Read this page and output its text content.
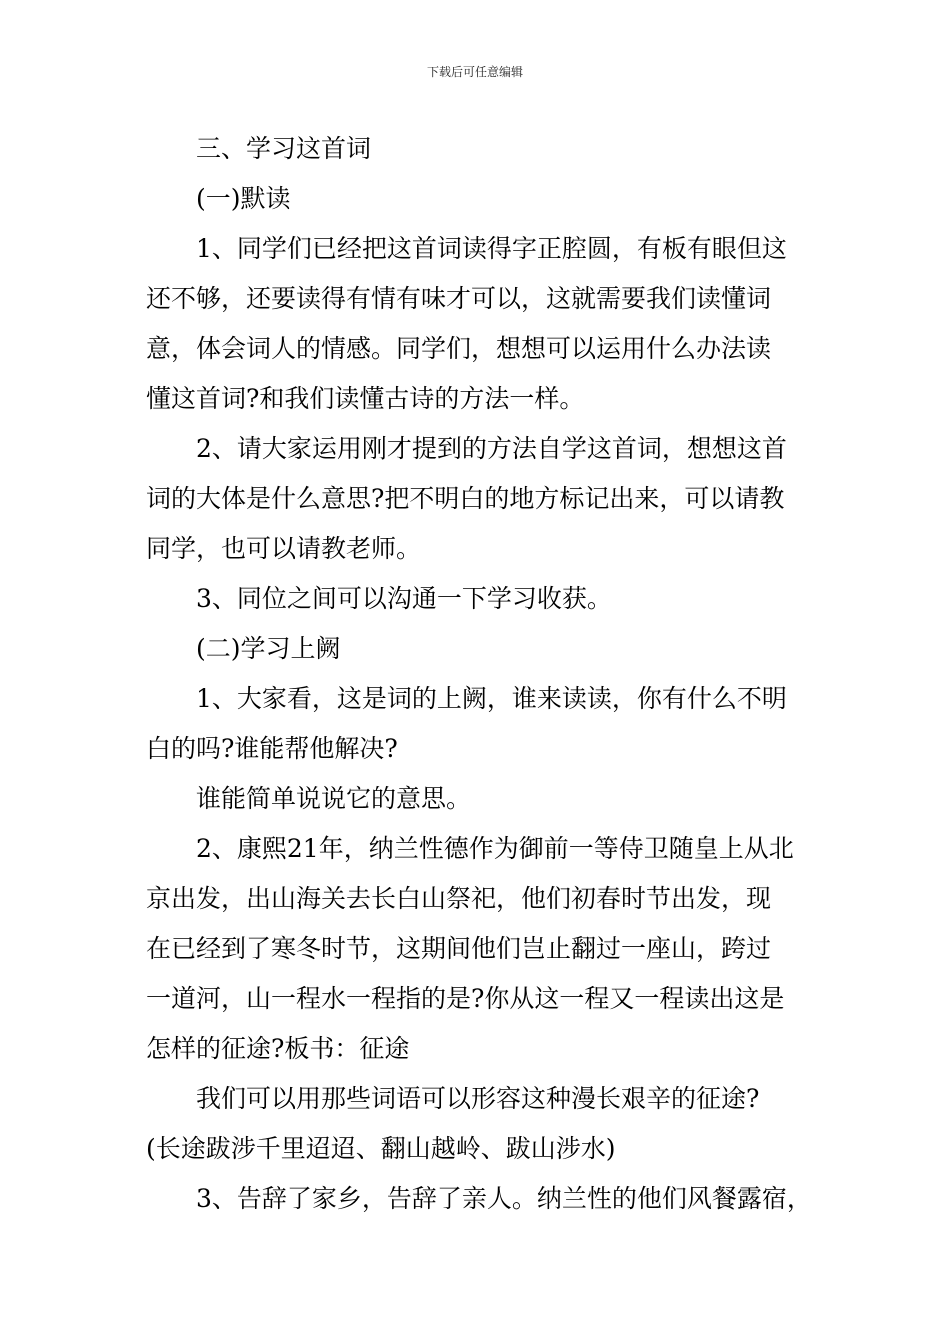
下载后可任意编辑
三、学习这首词
(一)默读
1、同学们已经把这首词读得字正腔圆，有板有眼但这
还不够，还要读得有情有味才可以，这就需要我们读懂词
意，体会词人的情感。同学们，想想可以运用什么办法读
懂这首词?和我们读懂古诗的方法一样。
2、请大家运用刚才提到的方法自学这首词，想想这首
词的大体是什么意思?把不明白的地方标记出来，可以请教
同学，也可以请教老师。
3、同位之间可以沟通一下学习收获。
(二)学习上阙
1、大家看，这是词的上阙，谁来读读，你有什么不明
白的吗?谁能帮他解决?
谁能简单说说它的意思。
2、康熙21年，纳兰性德作为御前一等侍卫随皇上从北
京出发，出山海关去长白山祭祀，他们初春时节出发，现
在已经到了寒冬时节，这期间他们岂止翻过一座山，跨过
一道河，山一程水一程指的是?你从这一程又一程读出这是
怎样的征途?板书：征途
我们可以用那些词语可以形容这种漫长艰辛的征途?
(长途跋涉千里迢迢、翻山越岭、跋山涉水)
3、告辞了家乡，告辞了亲人。纳兰性的他们风餐露宿，
